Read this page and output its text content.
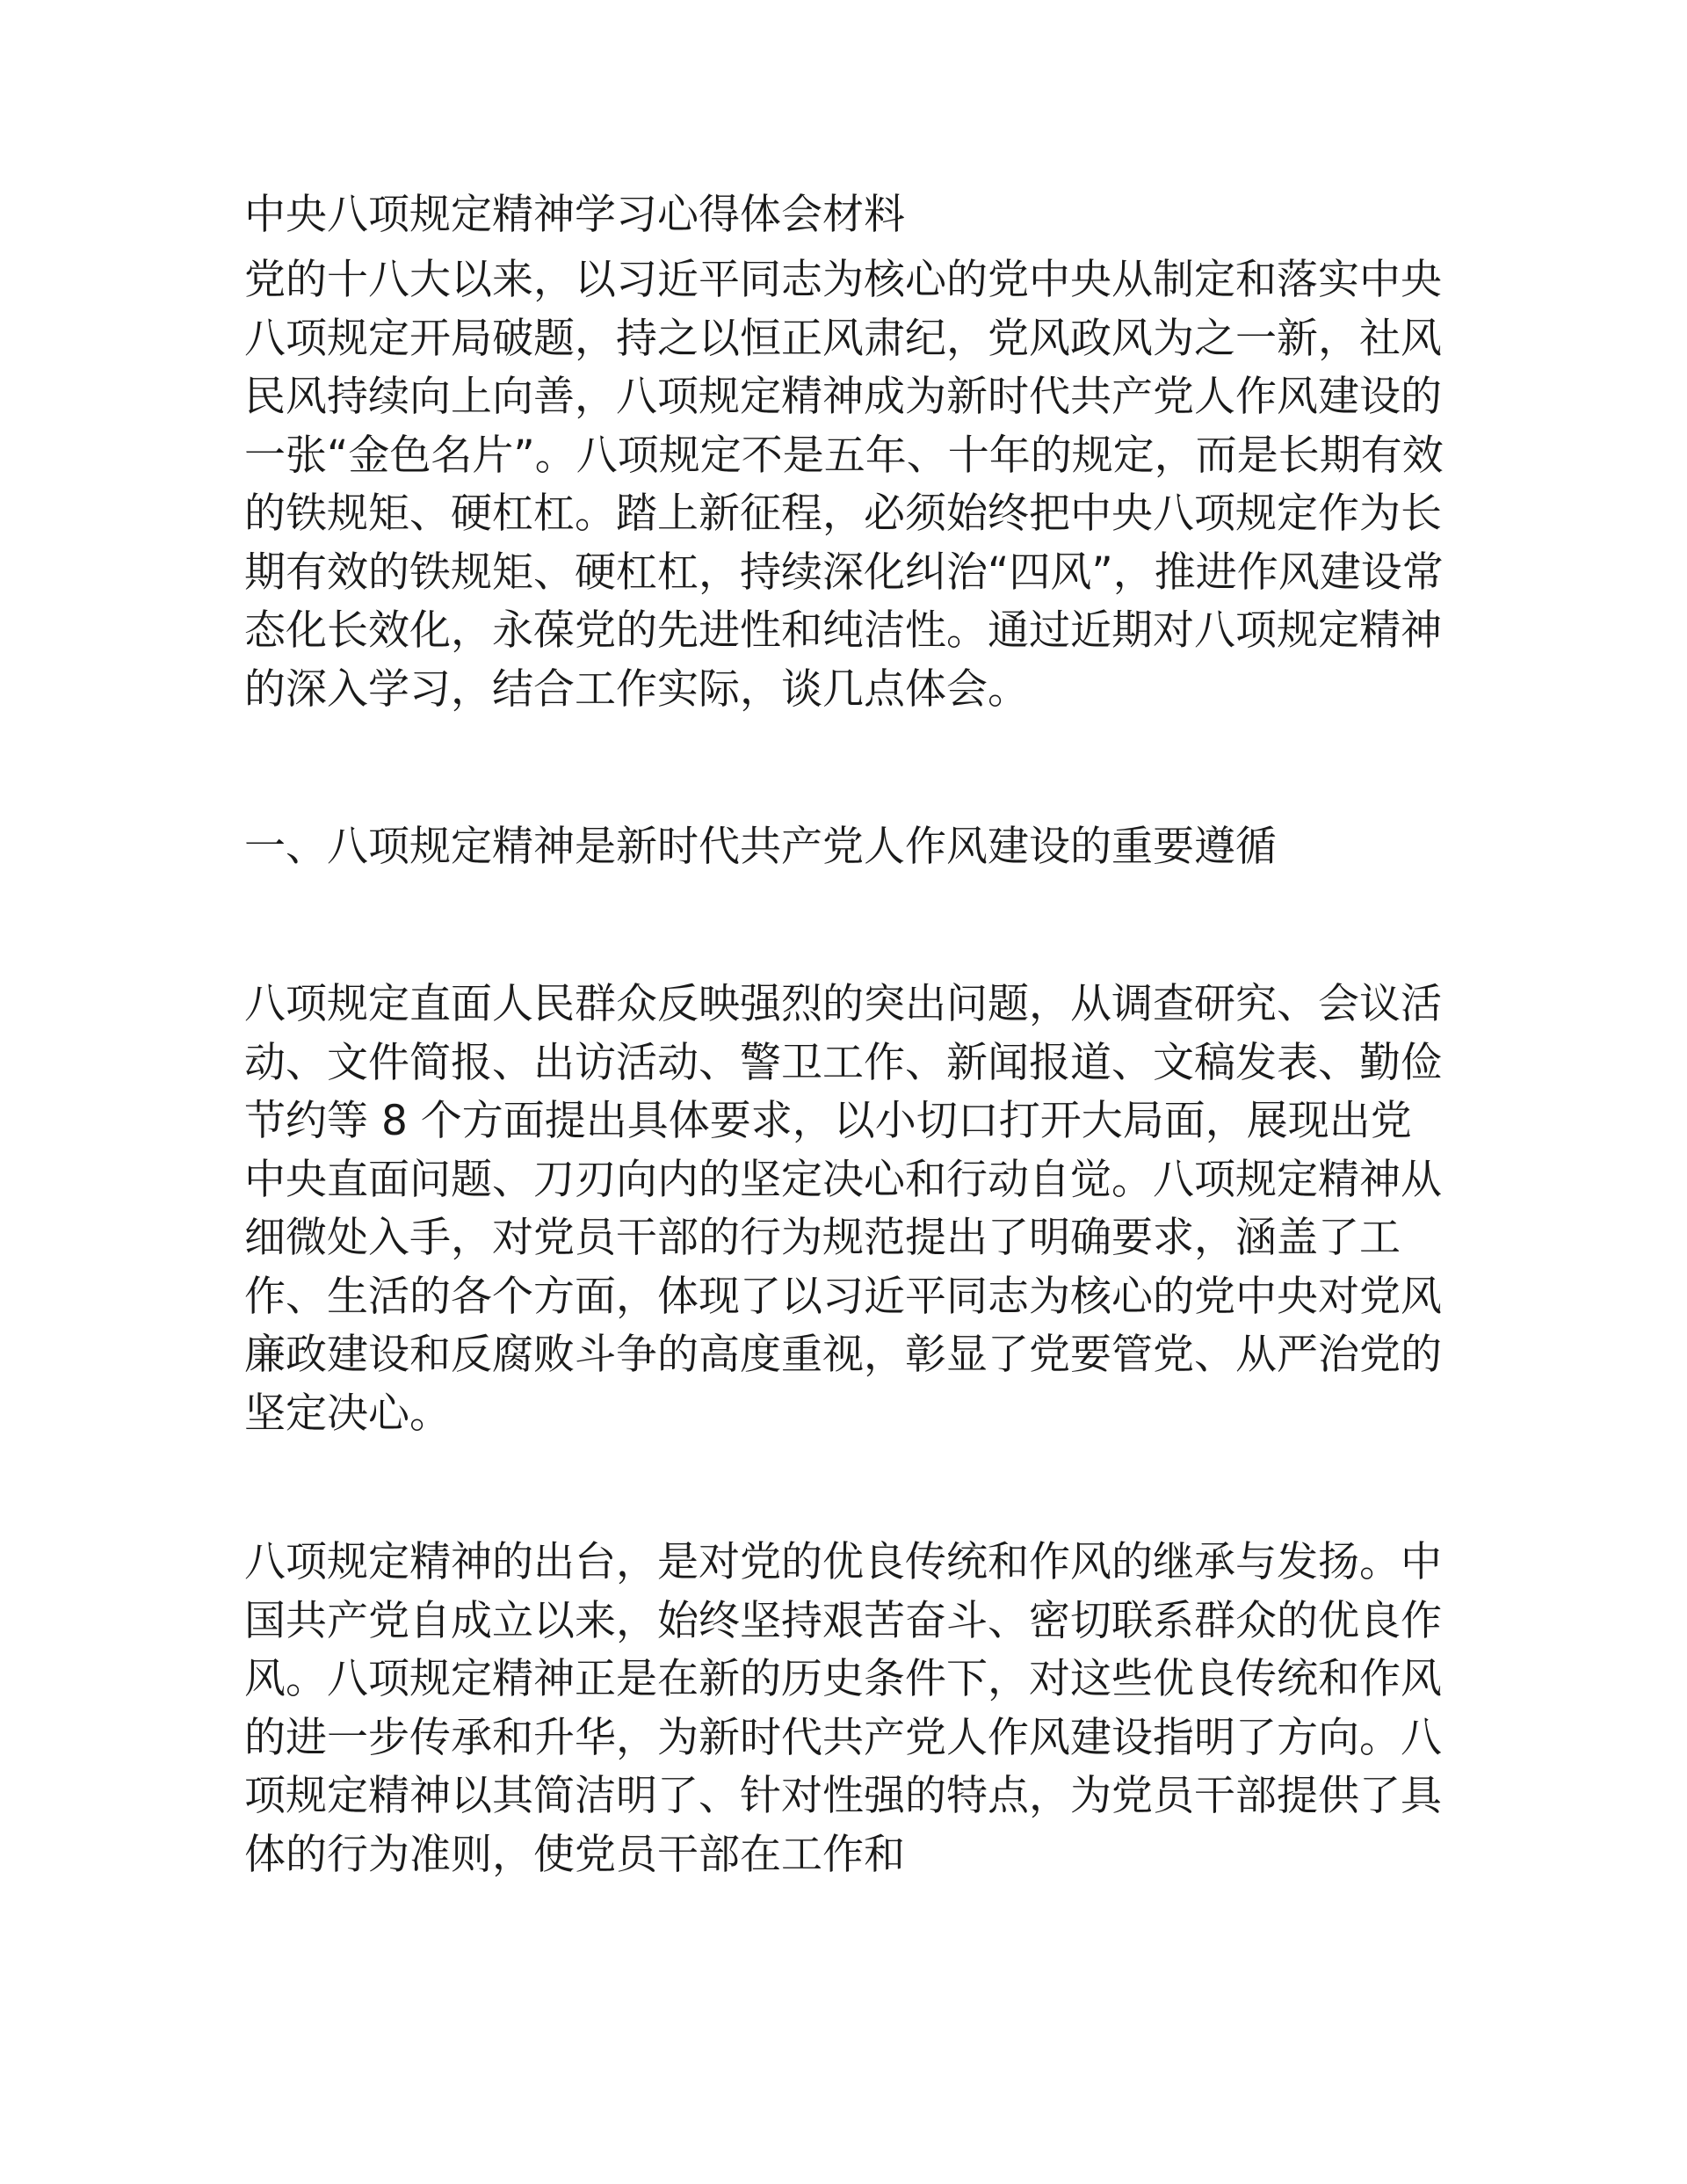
中央八项规定精神学习心得体会材料

党的十八大以来，以习近平同志为核心的党中央从制定和落实中央八项规定开局破题，持之以恒正风肃纪，党风政风为之一新，社风民风持续向上向善，八项规定精神成为新时代共产党人作风建设的一张“金色名片”。八项规定不是五年、十年的规定，而是长期有效的铁规矩、硬杠杠。踏上新征程，必须始终把中央八项规定作为长期有效的铁规矩、硬杠杠，持续深化纠治“四风”，推进作风建设常态化长效化，永葆党的先进性和纯洁性。通过近期对八项规定精神的深入学习，结合工作实际，谈几点体会。

一、八项规定精神是新时代共产党人作风建设的重要遵循

八项规定直面人民群众反映强烈的突出问题，从调查研究、会议活动、文件简报、出访活动、警卫工作、新闻报道、文稿发表、勤俭节约等 8 个方面提出具体要求，以小切口打开大局面，展现出党中央直面问题、刀刃向内的坚定决心和行动自觉。八项规定精神从细微处入手，对党员干部的行为规范提出了明确要求，涵盖了工作、生活的各个方面，体现了以习近平同志为核心的党中央对党风廉政建设和反腐败斗争的高度重视，彰显了党要管党、从严治党的坚定决心。

八项规定精神的出台，是对党的优良传统和作风的继承与发扬。中国共产党自成立以来，始终坚持艰苦奋斗、密切联系群众的优良作风。八项规定精神正是在新的历史条件下，对这些优良传统和作风的进一步传承和升华，为新时代共产党人作风建设指明了方向。八项规定精神以其简洁明了、针对性强的特点，为党员干部提供了具体的行为准则，使党员干部在工作和
